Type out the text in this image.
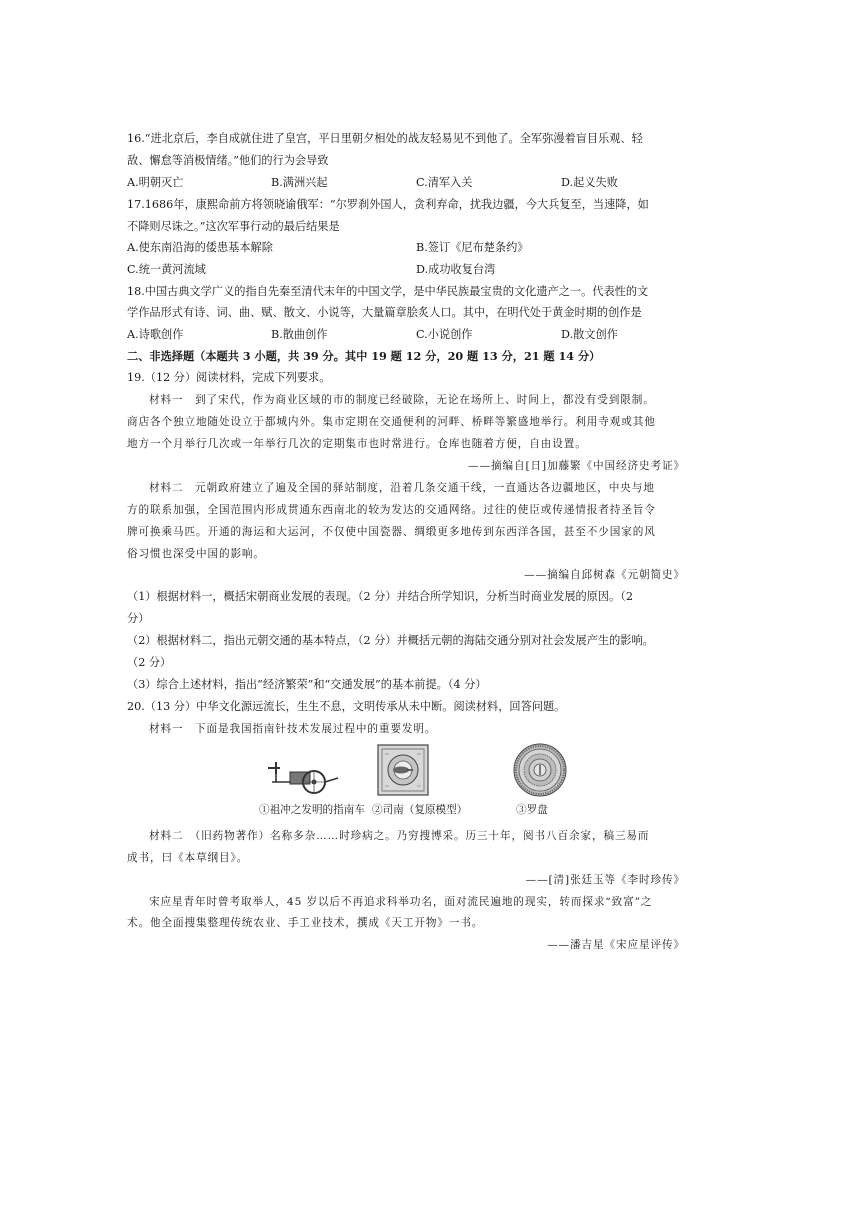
16.“进北京后，李自成就住进了皇宫，平日里朝夕相处的战友轻易见不到他了。全军弥漫着盲目乐观、轻
敌、懈怠等消极情绪。”他们的行为会导致
A.明朝灭亡	B.满洲兴起	C.清军入关	D.起义失败
17.1686年，康熙命前方将领晓谕俄军：“尔罗刹外国人，贪利弃命，扰我边疆，今大兵复至，当速降，如
不降则尽诛之。”这次军事行动的最后结果是
A.使东南沿海的倭患基本解除	B.签订《尼布楚条约》
C.统一黄河流域	D.成功收复台湾
18.中国古典文学广义的指自先秦至清代末年的中国文学，是中华民族最宝贵的文化遗产之一。代表性的文
学作品形式有诗、词、曲、赋、散文、小说等，大量篇章脍炙人口。其中，在明代处于黄金时期的创作是
A.诗歌创作	B.散曲创作	C.小说创作	D.散文创作
二、非选择题（本题共 3 小题，共 39 分。其中 19 题 12 分，20 题 13 分，21 题 14 分）
19.（12 分）阅读材料，完成下列要求。
材料一　到了宋代，作为商业区域的市的制度已经破除，无论在场所上、时间上，都没有受到限制。
商店各个独立地随处设立于都城内外。集市定期在交通便利的河畔、桥畔等繁盛地举行。利用寺观或其他
地方一个月举行几次或一年举行几次的定期集市也时常进行。仓库也随着方便，自由设置。
——摘编自[日]加藤繁《中国经济史考证》
材料二　元朝政府建立了遍及全国的驿站制度，沿着几条交通干线，一直通达各边疆地区，中央与地
方的联系加强，全国范围内形成贯通东西南北的较为发达的交通网络。过往的使臣或传递情报者持圣旨令
牌可换乘马匹。开通的海运和大运河，不仅使中国瓷器、绸缎更多地传到东西洋各国，甚至不少国家的风
俗习惯也深受中国的影响。
——摘编自邱树森《元朝简史》
（1）根据材料一，概括宋朝商业发展的表现。（2 分）并结合所学知识，分析当时商业发展的原因。（2
分）
（2）根据材料二，指出元朝交通的基本特点，（2 分）并概括元朝的海陆交通分别对社会发展产生的影响。
（2 分）
（3）综合上述材料，指出“经济繁荣”和“交通发展”的基本前提。（4 分）
20.（13 分）中华文化源远流长，生生不息，文明传承从未中断。阅读材料，回答问题。
材料一　下面是我国指南针技术发展过程中的重要发明。
①祖冲之发明的指南车 ②司南（复原模型）	③罗盘
材料二　（旧药物著作）名称多杂……时珍病之。乃穷搜博采。历三十年，阅书八百余家，稿三易而
成书，曰《本草纲目》。
——[清]张廷玉等《李时珍传》
宋应星青年时曾考取举人，45 岁以后不再追求科举功名，面对流民遍地的现实，转而探求“致富”之
术。他全面搜集整理传统农业、手工业技术，撰成《天工开物》一书。
——潘吉星《宋应星评传》
